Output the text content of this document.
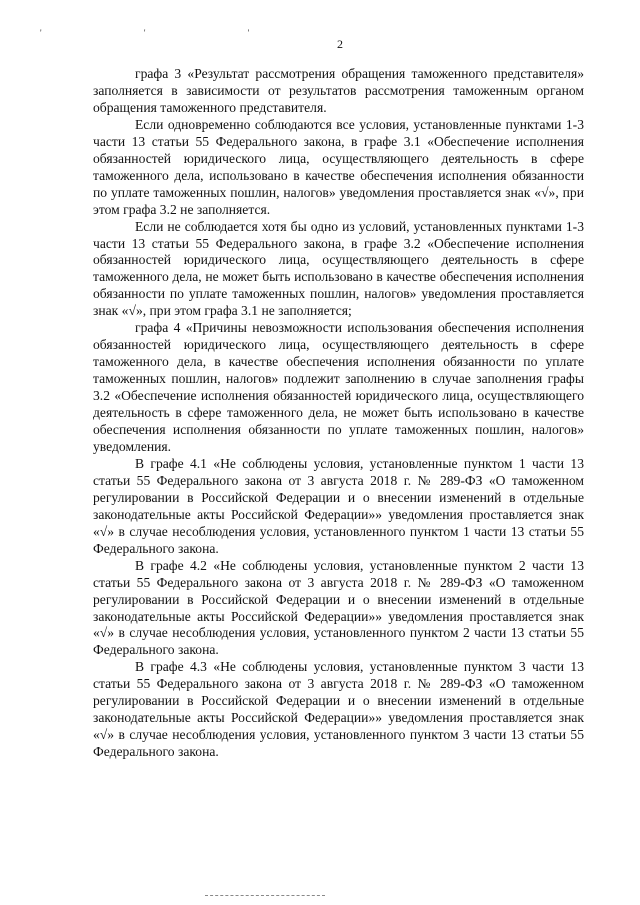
' ' '
2

графа 3 «Результат рассмотрения обращения таможенного представителя» заполняется в зависимости от результатов рассмотрения таможенным органом обращения таможенного представителя.

Если одновременно соблюдаются все условия, установленные пунктами 1-3 части 13 статьи 55 Федерального закона, в графе 3.1 «Обеспечение исполнения обязанностей юридического лица, осуществляющего деятельность в сфере таможенного дела, использовано в качестве обеспечения исполнения обязанности по уплате таможенных пошлин, налогов» уведомления проставляется знак «√», при этом графа 3.2 не заполняется.

Если не соблюдается хотя бы одно из условий, установленных пунктами 1-3 части 13 статьи 55 Федерального закона, в графе 3.2 «Обеспечение исполнения обязанностей юридического лица, осуществляющего деятельность в сфере таможенного дела, не может быть использовано в качестве обеспечения исполнения обязанности по уплате таможенных пошлин, налогов» уведомления проставляется знак «√», при этом графа 3.1 не заполняется;

графа 4 «Причины невозможности использования обеспечения исполнения обязанностей юридического лица, осуществляющего деятельность в сфере таможенного дела, в качестве обеспечения исполнения обязанности по уплате таможенных пошлин, налогов» подлежит заполнению в случае заполнения графы 3.2 «Обеспечение исполнения обязанностей юридического лица, осуществляющего деятельность в сфере таможенного дела, не может быть использовано в качестве обеспечения исполнения обязанности по уплате таможенных пошлин, налогов» уведомления.

В графе 4.1 «Не соблюдены условия, установленные пунктом 1 части 13 статьи 55 Федерального закона от 3 августа 2018 г. № 289-ФЗ «О таможенном регулировании в Российской Федерации и о внесении изменений в отдельные законодательные акты Российской Федерации»» уведомления проставляется знак «√» в случае несоблюдения условия, установленного пунктом 1 части 13 статьи 55 Федерального закона.

В графе 4.2 «Не соблюдены условия, установленные пунктом 2 части 13 статьи 55 Федерального закона от 3 августа 2018 г. № 289-ФЗ «О таможенном регулировании в Российской Федерации и о внесении изменений в отдельные законодательные акты Российской Федерации»» уведомления проставляется знак «√» в случае несоблюдения условия, установленного пунктом 2 части 13 статьи 55 Федерального закона.

В графе 4.3 «Не соблюдены условия, установленные пунктом 3 части 13 статьи 55 Федерального закона от 3 августа 2018 г. № 289-ФЗ «О таможенном регулировании в Российской Федерации и о внесении изменений в отдельные законодательные акты Российской Федерации»» уведомления проставляется знак «√» в случае несоблюдения условия, установленного пунктом 3 части 13 статьи 55 Федерального закона.
